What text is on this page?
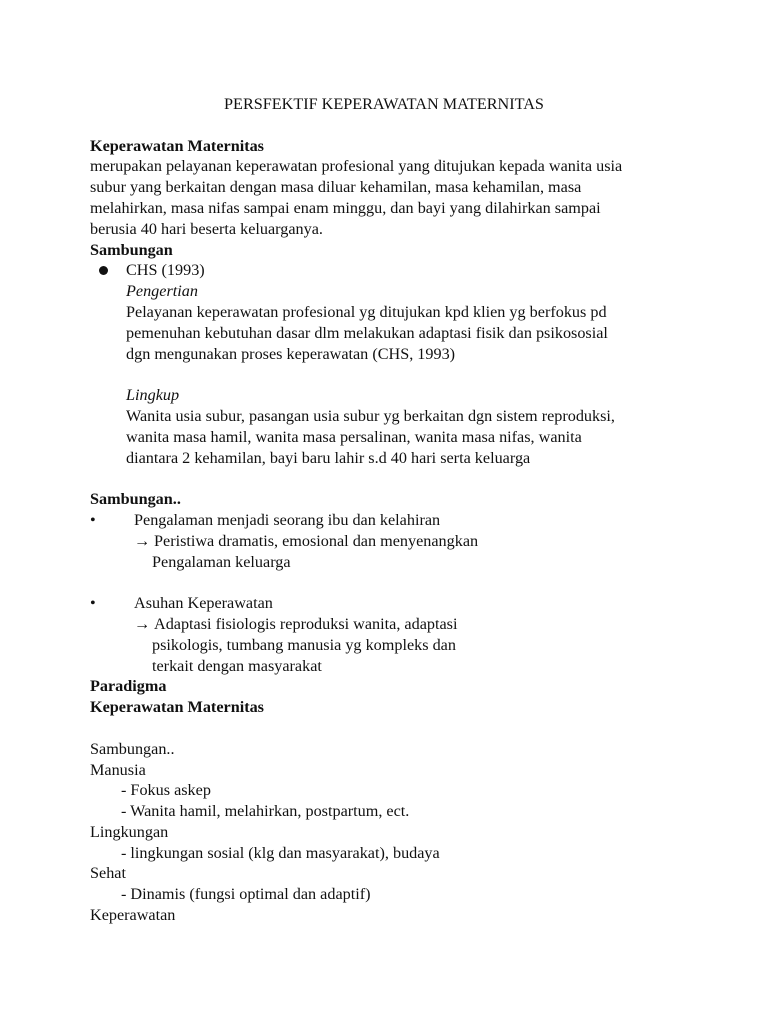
PERSFEKTIF KEPERAWATAN MATERNITAS

Keperawatan Maternitas

merupakan pelayanan keperawatan profesional yang ditujukan kepada wanita usia

subur yang berkaitan dengan masa diluar kehamilan, masa kehamilan, masa

melahirkan, masa nifas sampai enam minggu, dan bayi yang dilahirkan sampai

berusia 40 hari beserta keluarganya.

Sambungan

CHS (1993)

Pengertian

Pelayanan keperawatan profesional yg ditujukan kpd klien yg berfokus pd

pemenuhan kebutuhan dasar dlm melakukan adaptasi fisik dan psikososial

dgn mengunakan proses keperawatan (CHS, 1993)

Lingkup

Wanita usia subur, pasangan usia subur yg berkaitan dgn sistem reproduksi,

wanita masa hamil, wanita masa persalinan, wanita masa nifas, wanita

diantara 2 kehamilan, bayi baru lahir s.d 40 hari serta keluarga

Sambungan..

•	Pengalaman menjadi seorang ibu dan kelahiran

→ Peristiwa dramatis, emosional dan menyenangkan

Pengalaman keluarga

•	Asuhan Keperawatan

→ Adaptasi fisiologis reproduksi wanita, adaptasi

psikologis, tumbang manusia yg kompleks dan

terkait dengan masyarakat

Paradigma

Keperawatan Maternitas

Sambungan..

Manusia

- Fokus askep

- Wanita hamil, melahirkan, postpartum, ect.

Lingkungan

- lingkungan sosial (klg dan masyarakat), budaya

Sehat

- Dinamis (fungsi optimal dan adaptif)

Keperawatan
